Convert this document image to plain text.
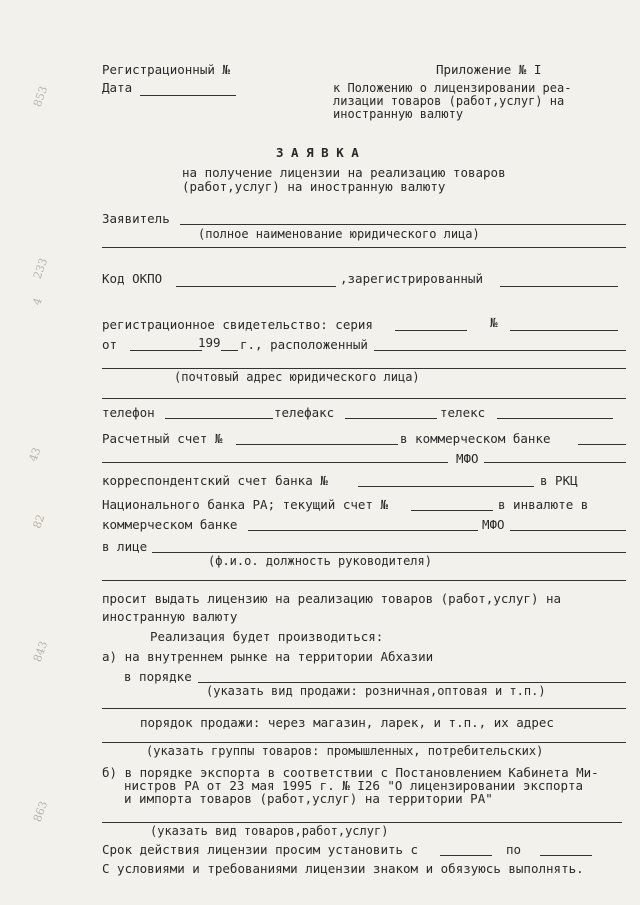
853
233
4
43
82
843
863
Регистрационный №
Дата
Приложение № I
к Положению о лицензировании реа-
лизации товаров (работ,услуг) на
иностранную валюту
З А Я В К А
на получение лицензии на реализацию товаров
(работ,услуг) на иностранную валюту
Заявитель
(полное наименование юридического лица)
Код ОКПО	,зарегистрированный
регистрационное свидетельство: серия	№
от	199 г., расположенный
(почтовый адрес юридического лица)
телефон	телефакс	телекс
Расчетный счет №	в коммерческом банке
МФО
корреспондентский счет банка №	в РКЦ
Национального банка РА; текущий счет №	в инвалюте в
коммерческом банке	МФО
в лице
(ф.и.о. должность руководителя)
просит выдать лицензию на реализацию товаров (работ,услуг) на
иностранную валюту
Реализация будет производиться:
а) на внутреннем рынке на территории Абхазии
в порядке
(указать вид продажи: розничная,оптовая и т.п.)
порядок продажи: через магазин, ларек, и т.п., их адрес
(указать группы товаров: промышленных, потребительских)
б) в порядке экспорта в соответствии с Постановлением Кабинета Ми-
нистров РА от 23 мая 1995 г. № I26 "О лицензировании экспорта
и импорта товаров (работ,услуг) на территории РА"
(указать вид товаров,работ,услуг)
Срок действия лицензии просим установить с	по
С условиями и требованиями лицензии знаком и обязуюсь выполнять.
